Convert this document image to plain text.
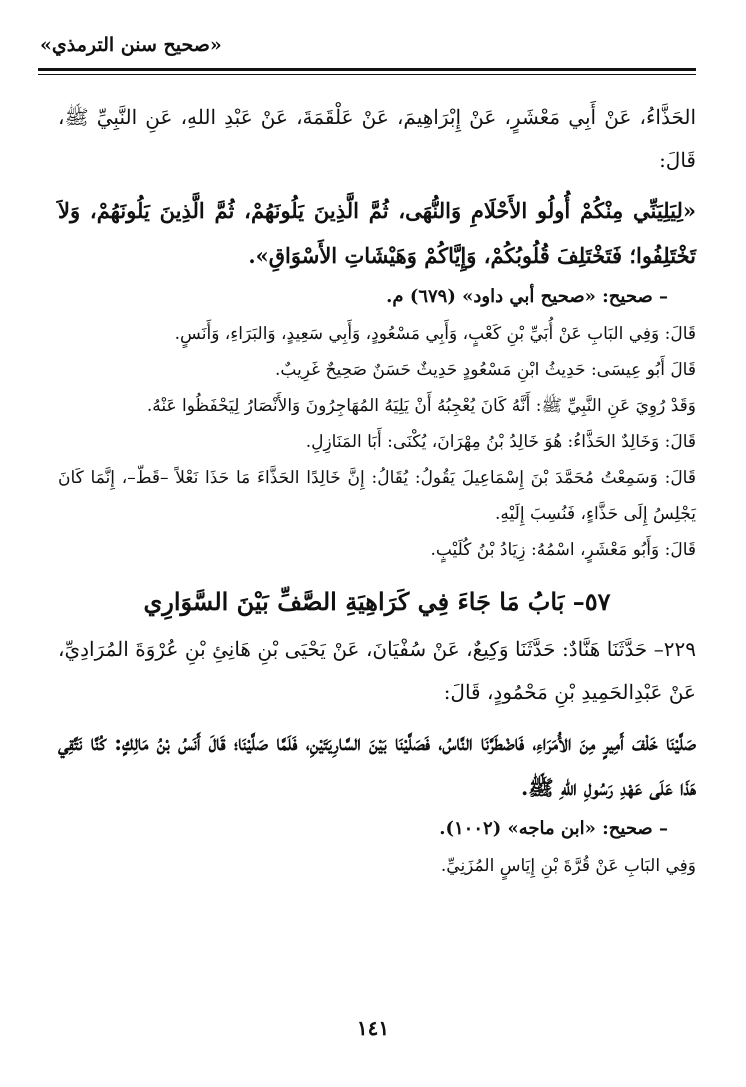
«صحيح سنن الترمذي»

الحَذَّاءُ، عَنْ أَبِي مَعْشَرٍ، عَنْ إِبْرَاهِيمَ، عَنْ عَلْقَمَةَ، عَنْ عَبْدِ اللهِ، عَنِ النَّبِيِّ ﷺ، قَالَ:

«لِيَلِيَنِّي مِنْكُمْ أُولُو الأَحْلَامِ وَالنُّهَى، ثُمَّ الَّذِينَ يَلُونَهُمْ، ثُمَّ الَّذِينَ يَلُونَهُمْ، وَلاَ تَخْتَلِفُوا؛ فَتَخْتَلِفَ قُلُوبُكُمْ، وَإِيَّاكُمْ وَهَيْشَاتِ الأَسْوَاقِ».

– صحيح: «صحيح أبي داود» (٦٧٩) م.

قَالَ: وَفِي البَابِ عَنْ أُبَيِّ بْنِ كَعْبٍ، وَأَبِي مَسْعُودٍ، وَأَبِي سَعِيدٍ، وَالبَرَاءِ، وَأَنَسٍ.

قَالَ أَبُو عِيسَى: حَدِيثُ ابْنِ مَسْعُودٍ حَدِيثٌ حَسَنٌ صَحِيحٌ غَرِيبٌ.

وَقَدْ رُوِيَ عَنِ النَّبِيِّ ﷺ: أَنَّهُ كَانَ يُعْجِبُهُ أَنْ يَلِيَهُ المُهَاجِرُونَ وَالأَنْصَارُ لِيَحْفَظُوا عَنْهُ.

قَالَ: وَخَالِدٌ الحَذَّاءُ: هُوَ خَالِدُ بْنُ مِهْرَانَ، يُكْنَى: أَبَا المَنَازِلِ.

قَالَ: وَسَمِعْتُ مُحَمَّدَ بْنَ إِسْمَاعِيلَ يَقُولُ: يُقَالُ: إِنَّ خَالِدًا الحَذَّاءَ مَا حَذَا نَعْلاً –قَطّ–، إِنَّمَا كَانَ يَجْلِسُ إِلَى حَذَّاءٍ، فَنُسِبَ إِلَيْهِ.

قَالَ: وَأَبُو مَعْشَرٍ، اسْمُهُ: زِيَادُ بْنُ كُلَيْبٍ.

٥٧– بَابُ مَا جَاءَ فِي كَرَاهِيَةِ الصَّفِّ بَيْنَ السَّوَارِي

٢٢٩– حَدَّثَنَا هَنَّادٌ: حَدَّثَنَا وَكِيعٌ، عَنْ سُفْيَانَ، عَنْ يَحْيَى بْنِ هَانِئِ بْنِ عُرْوَةَ المُرَادِيِّ، عَنْ عَبْدِالحَمِيدِ بْنِ مَحْمُودٍ، قَالَ:

صَلَّيْنَا خَلْفَ أَمِيرٍ مِنَ الأُمَرَاءِ، فَاضْطَرَّنَا النَّاسُ، فَصَلَّيْنَا بَيْنَ السَّارِيَتَيْنِ، فَلَمَّا صَلَّيْنَا؛ قَالَ أَنَسُ بْنُ مَالِكٍ: كُنَّا نَتَّقِي هَذَا عَلَى عَهْدِ رَسُولِ اللهِ ﷺ.

– صحيح: «ابن ماجه» (١٠٠٢).

وَفِي البَابِ عَنْ قُرَّةَ بْنِ إِيَاسٍ المُزَنِيِّ.

١٤١
